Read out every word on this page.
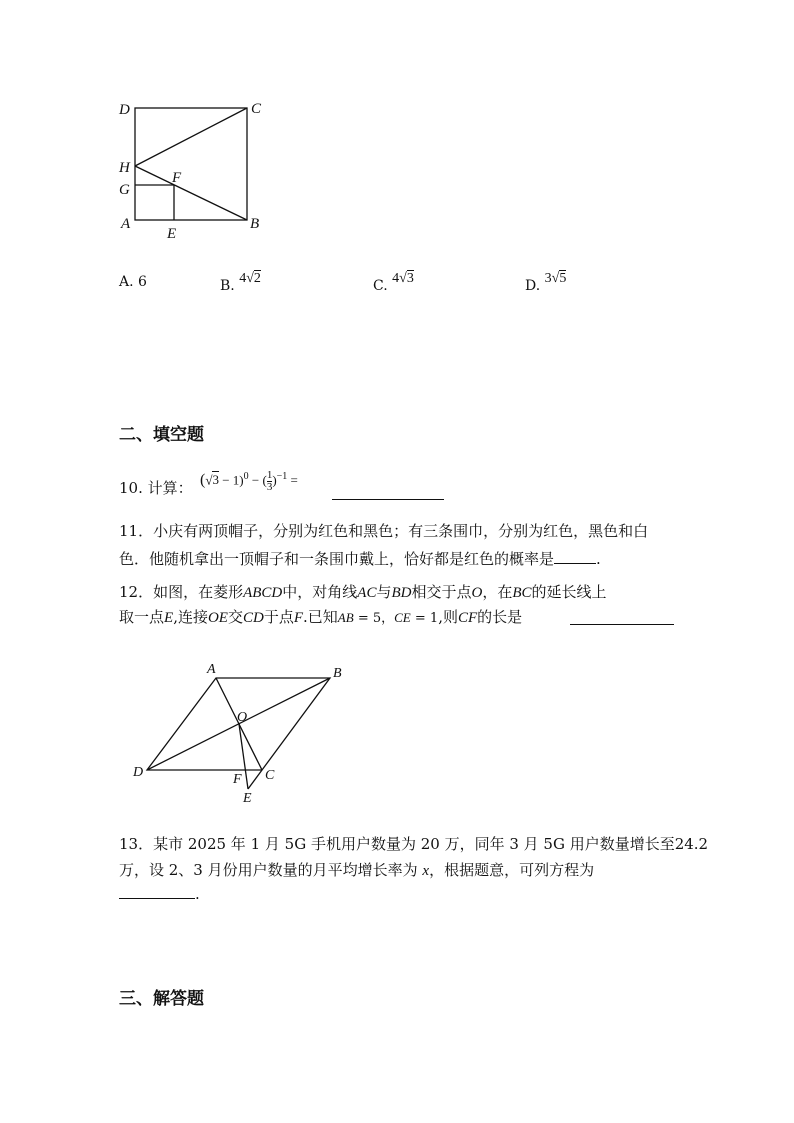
D	C
H
G
F
A
E
B
A. 6	B. 4√2	C. 4√3	D. 3√5
二、填空题
10. 计算： $(√3 - 1)^0$ − ( $\frac{1}{3} )^{-1}$ =
11．小庆有两顶帽子，分别为红色和黑色；有三条围巾，分别为红色，黑色和白
色．他随机拿出一顶帽子和一条围巾戴上，恰好都是红色的概率是	.
12．如图，在菱形ABCD中，对角线AC与BD相交于点O，在BC的延长线上
取一点E,连接OE交CD于点F.已知AB = 5，CE = 1,则CF的长是
A	B
O
D	F C
E
13．某市 2025 年 1 月 5G 手机用户数量为 20 万，同年 3 月 5G 用户数量增长至24.2
万，设 2、3 月份用户数量的月平均增长率为 x，根据题意，可列方程为
.
三、解答题
